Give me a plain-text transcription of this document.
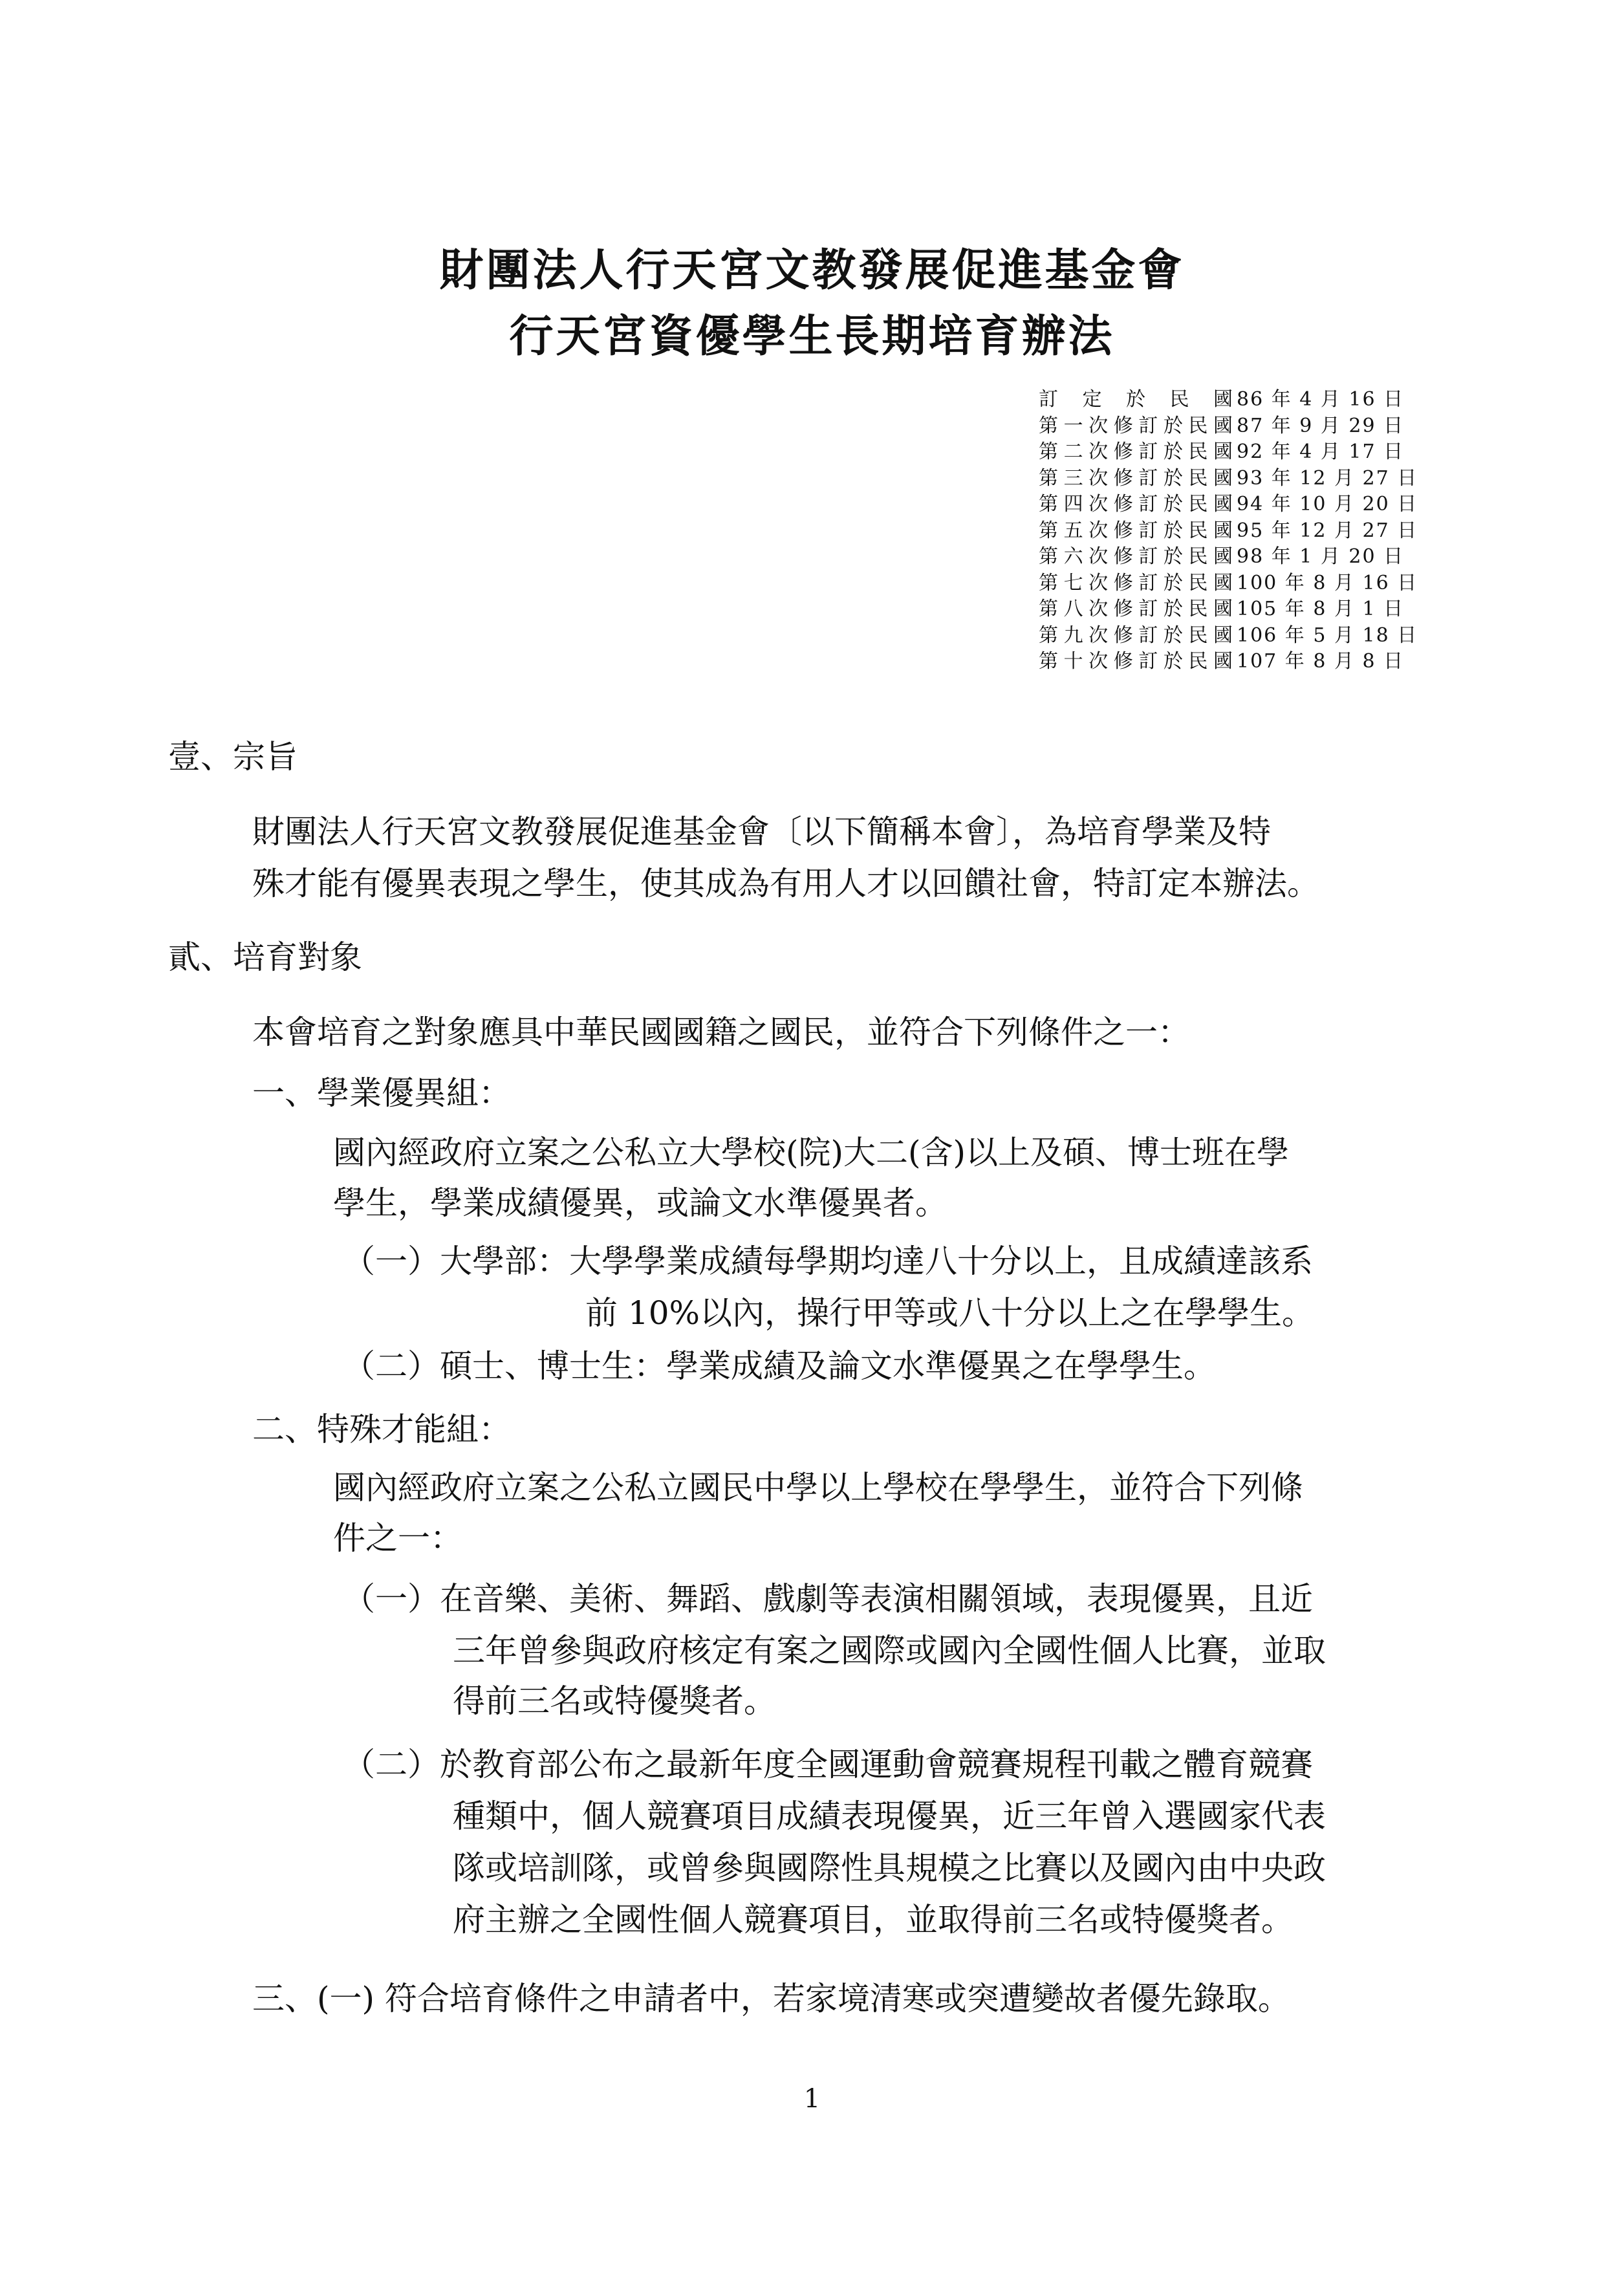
財團法人行天宮文教發展促進基金會
行天宮資優學生長期培育辦法
訂定於民國 86 年 4 月 16 日
第一次修訂於民國 87 年 9 月 29 日
第二次修訂於民國 92 年 4 月 17 日
第三次修訂於民國 93 年 12 月 27 日
第四次修訂於民國 94 年 10 月 20 日
第五次修訂於民國 95 年 12 月 27 日
第六次修訂於民國 98 年 1 月 20 日
第七次修訂於民國 100 年 8 月 16 日
第八次修訂於民國 105 年 8 月 1 日
第九次修訂於民國 106 年 5 月 18 日
第十次修訂於民國 107 年 8 月 8 日
壹、宗旨
財團法人行天宮文教發展促進基金會〔以下簡稱本會〕，為培育學業及特
殊才能有優異表現之學生，使其成為有用人才以回饋社會，特訂定本辦法。
貳、培育對象
本會培育之對象應具中華民國國籍之國民，並符合下列條件之一：
一、學業優異組：
國內經政府立案之公私立大學校(院)大二(含)以上及碩、博士班在學
學生，學業成績優異，或論文水準優異者。
（一）大學部：大學學業成績每學期均達八十分以上，且成績達該系
前 10%以內，操行甲等或八十分以上之在學學生。
（二）碩士、博士生：學業成績及論文水準優異之在學學生。
二、特殊才能組：
國內經政府立案之公私立國民中學以上學校在學學生，並符合下列條
件之一：
（一）在音樂、美術、舞蹈、戲劇等表演相關領域，表現優異，且近
三年曾參與政府核定有案之國際或國內全國性個人比賽，並取
得前三名或特優獎者。
（二）於教育部公布之最新年度全國運動會競賽規程刊載之體育競賽
種類中，個人競賽項目成績表現優異，近三年曾入選國家代表
隊或培訓隊，或曾參與國際性具規模之比賽以及國內由中央政
府主辦之全國性個人競賽項目，並取得前三名或特優獎者。
三、(一) 符合培育條件之申請者中，若家境清寒或突遭變故者優先錄取。
1
